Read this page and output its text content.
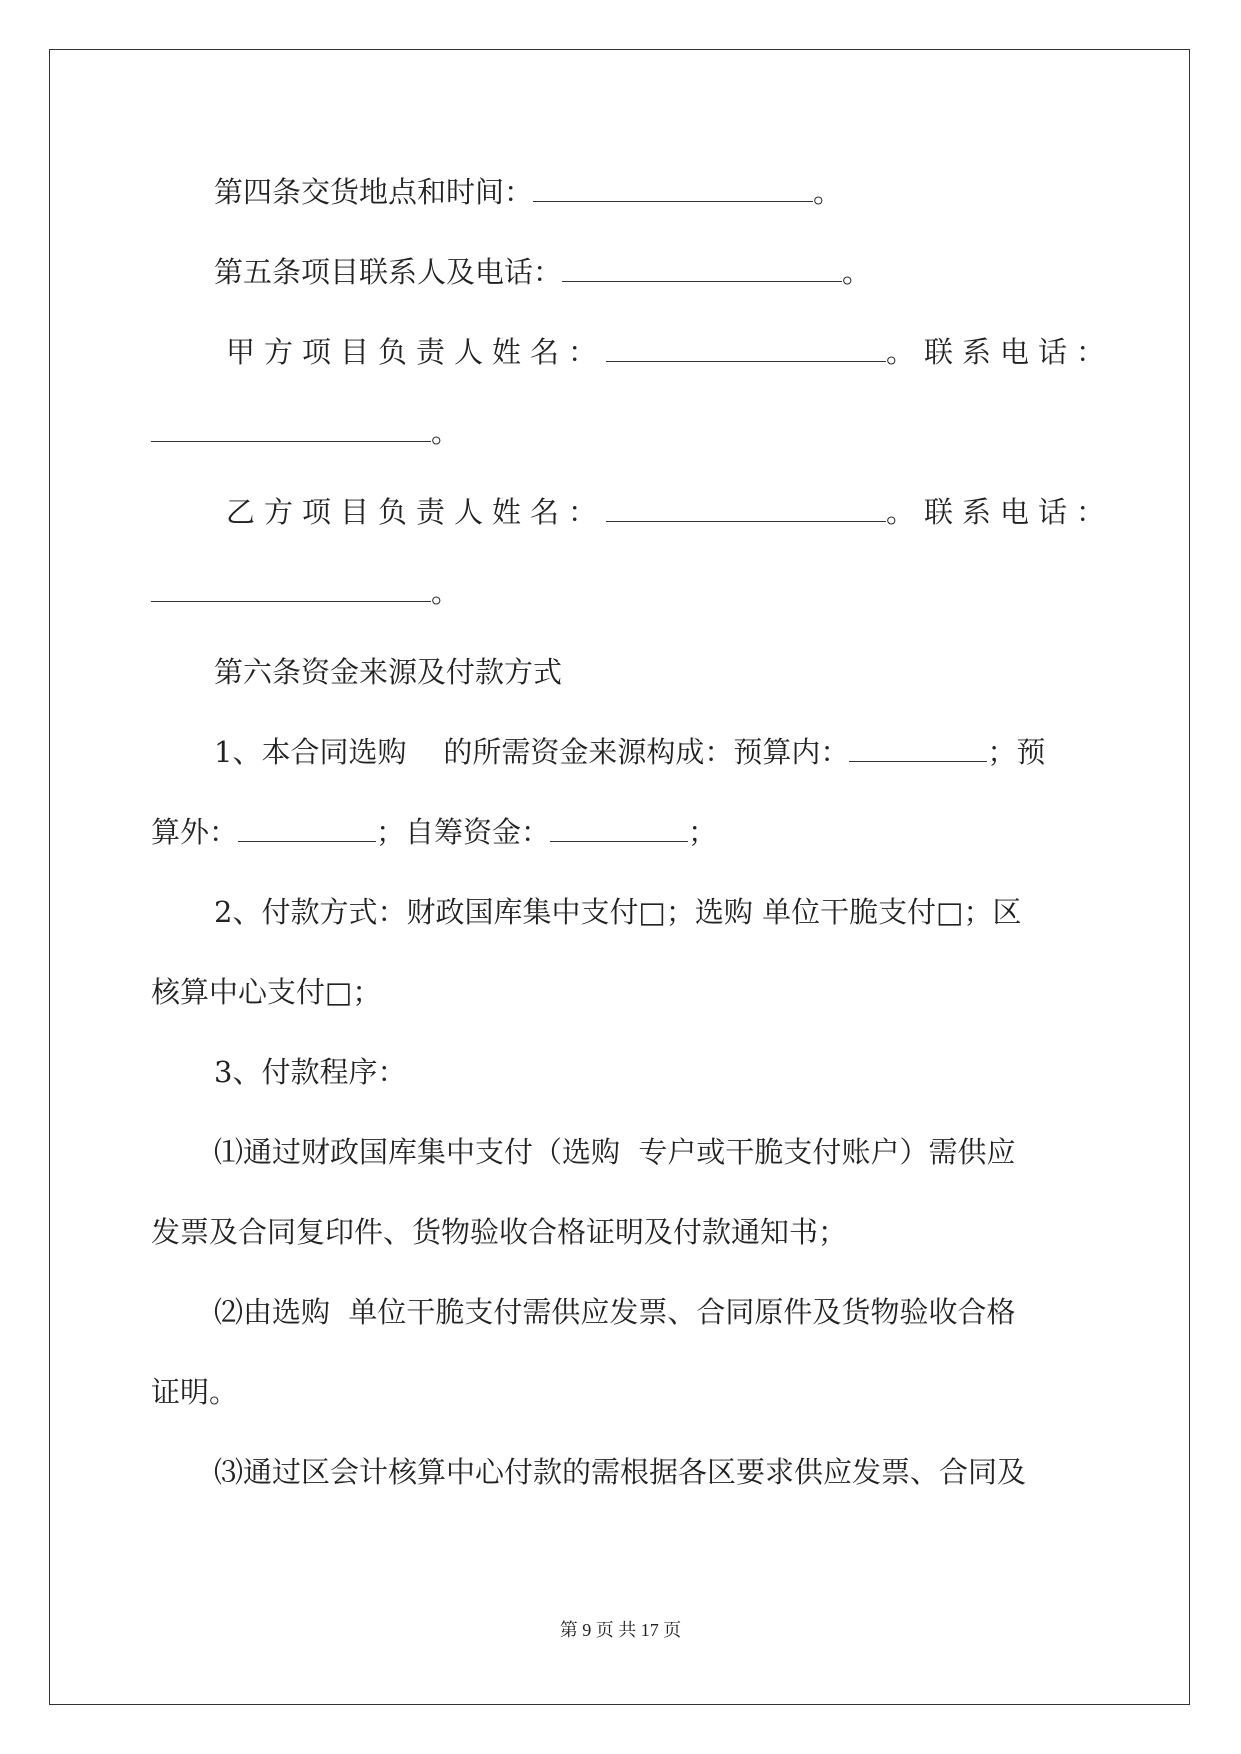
第四条交货地点和时间：	。
第五条项目联系人及电话：	。
甲方项目负责人姓名：	。联系电话：
。
乙方项目负责人姓名：	。联系电话：
。
第六条资金来源及付款方式
1、本合同选购    的所需资金来源构成：预算内：	；预
算外：	；自筹资金：	；
2、付款方式：财政国库集中支付□；选购 单位干脆支付□；区
核算中心支付□；
3、付款程序：
⑴通过财政国库集中支付（选购  专户或干脆支付账户）需供应
发票及合同复印件、货物验收合格证明及付款通知书；
⑵由选购  单位干脆支付需供应发票、合同原件及货物验收合格
证明。
⑶通过区会计核算中心付款的需根据各区要求供应发票、合同及
第 9 页 共 17 页
